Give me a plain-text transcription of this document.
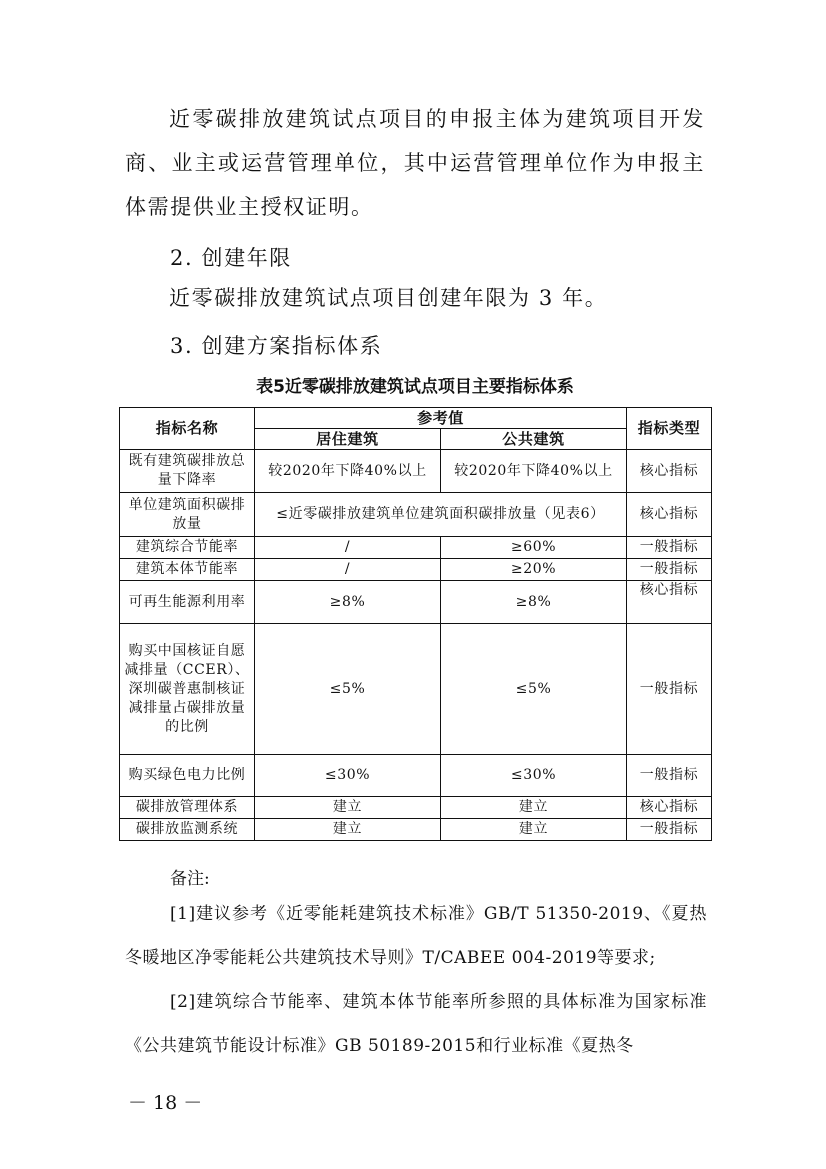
近零碳排放建筑试点项目的申报主体为建筑项目开发商、业主或运营管理单位，其中运营管理单位作为申报主体需提供业主授权证明。

2. 创建年限

近零碳排放建筑试点项目创建年限为 3 年。

3. 创建方案指标体系

表5近零碳排放建筑试点项目主要指标体系

指标名称	参考值		指标类型
	居住建筑	公共建筑	
既有建筑碳排放总量下降率	较2020年下降40%以上	较2020年下降40%以上	核心指标
单位建筑面积碳排放量	≤近零碳排放建筑单位建筑面积碳排放量（见表6）		核心指标
建筑综合节能率	/	≥60%	一般指标
建筑本体节能率	/	≥20%	一般指标
可再生能源利用率	≥8%	≥8%	核心指标
购买中国核证自愿减排量（CCER）、深圳碳普惠制核证减排量占碳排放量的比例	≤5%	≤5%	一般指标
购买绿色电力比例	≤30%	≤30%	一般指标
碳排放管理体系	建立	建立	核心指标
碳排放监测系统	建立	建立	一般指标

备注:

[1]建议参考《近零能耗建筑技术标准》GB/T 51350-2019、《夏热冬暖地区净零能耗公共建筑技术导则》T/CABEE 004-2019等要求;

[2]建筑综合节能率、建筑本体节能率所参照的具体标准为国家标准《公共建筑节能设计标准》GB 50189-2015和行业标准《夏热冬

－ 18 －
